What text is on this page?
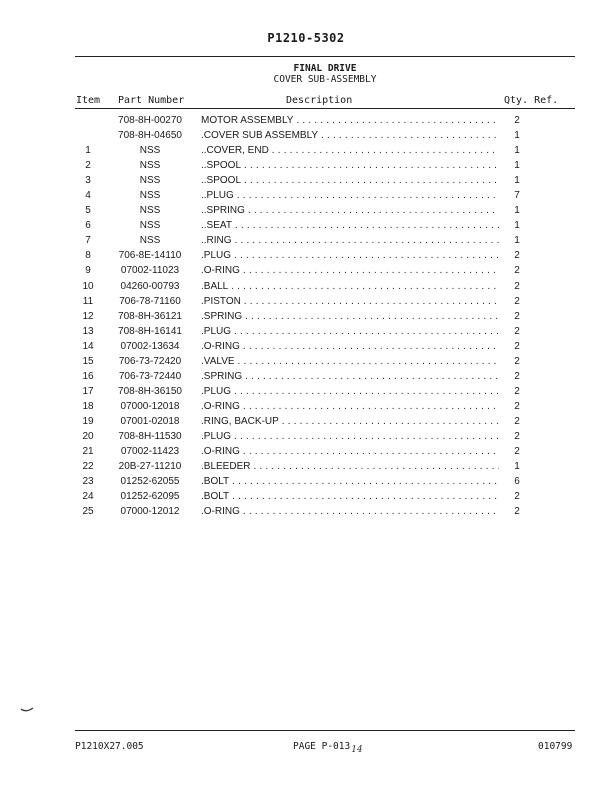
P1210-5302
FINAL DRIVE
COVER SUB-ASSEMBLY
Item Part Number	Description	Qty. Ref.
708-8H-00270	MOTOR ASSEMBLY . . .	2
708-8H-04650	.COVER SUB ASSEMBLY . . .	1
1	NSS	..COVER, END . . .	1
2	NSS	..SPOOL . . .	1
3	NSS	..SPOOL . . .	1
4	NSS	..PLUG . . .	7
5	NSS	..SPRING . . .	1
6	NSS	..SEAT . . .	1
7	NSS	..RING . . .	1
8	706-8E-14110	.PLUG . . .	2
9	07002-11023	.O-RING . . .	2
10	04260-00793	.BALL . . .	2
11	706-78-71160	.PISTON . . .	2
12	708-8H-36121	.SPRING . . .	2
13	708-8H-16141	.PLUG . . .	2
14	07002-13634	.O-RING . . .	2
15	706-73-72420	.VALVE . . .	2
16	706-73-72440	.SPRING . . .	2
17	708-8H-36150	.PLUG . . .	2
18	07000-12018	.O-RING . . .	2
19	07001-02018	.RING, BACK-UP . . .	2
20	708-8H-11530	.PLUG . . .	2
21	07002-11423	.O-RING . . .	2
22	20B-27-11210	.BLEEDER . . .	1
23	01252-62055	.BOLT . . .	6
24	01252-62095	.BOLT . . .	2
25	07000-12012	.O-RING . . .	2
P1210X27.005	PAGE P-01314	010799
